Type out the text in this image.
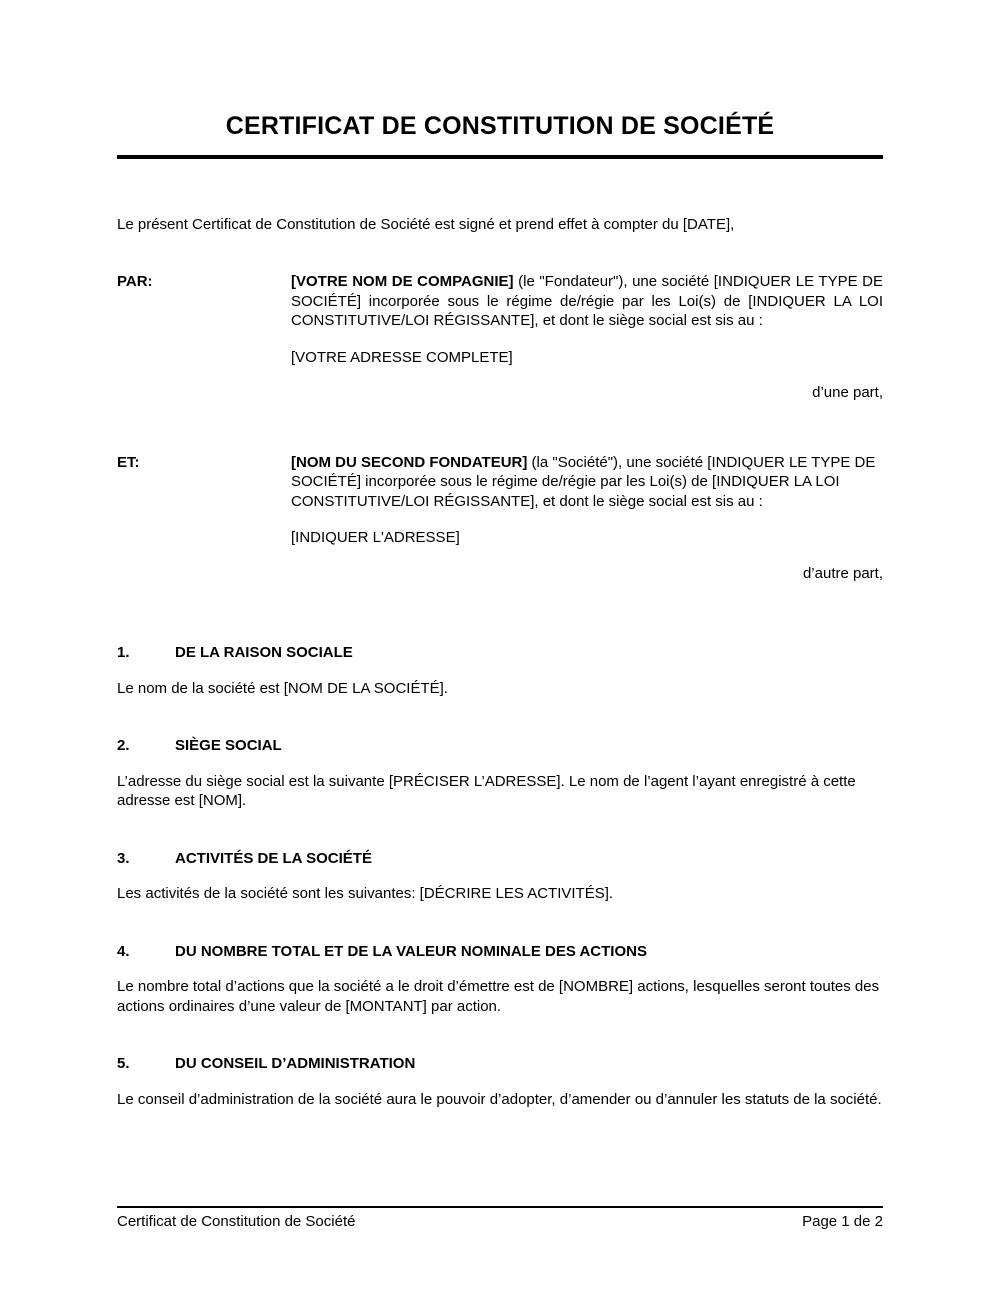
CERTIFICAT DE CONSTITUTION DE SOCIÉTÉ

Le présent Certificat de Constitution de Société est signé et prend effet à compter du [DATE],

PAR:	[VOTRE NOM DE COMPAGNIE] (le "Fondateur"), une société [INDIQUER LE TYPE DE SOCIÉTÉ] incorporée sous le régime de/régie par les Loi(s) de [INDIQUER LA LOI CONSTITUTIVE/LOI RÉGISSANTE], et dont le siège social est sis au :

[VOTRE ADRESSE COMPLETE]

d’une part,

ET:	[NOM DU SECOND FONDATEUR] (la "Société"), une société [INDIQUER LE TYPE DE SOCIÉTÉ] incorporée sous le régime de/régie par les Loi(s) de [INDIQUER LA LOI CONSTITUTIVE/LOI RÉGISSANTE], et dont le siège social est sis au :

[INDIQUER L'ADRESSE]

d’autre part,

1.	DE LA RAISON SOCIALE

Le nom de la société est [NOM DE LA SOCIÉTÉ].

2.	SIÈGE SOCIAL

L’adresse du siège social est la suivante [PRÉCISER L’ADRESSE]. Le nom de l’agent l’ayant enregistré à cette adresse est [NOM].

3.	ACTIVITÉS DE LA SOCIÉTÉ

Les activités de la société sont les suivantes: [DÉCRIRE LES ACTIVITÉS].

4.	DU NOMBRE TOTAL ET DE LA VALEUR NOMINALE DES ACTIONS

Le nombre total d’actions que la société a le droit d’émettre est de [NOMBRE] actions, lesquelles seront toutes des actions ordinaires d’une valeur de [MONTANT] par action.

5.	DU CONSEIL D’ADMINISTRATION

Le conseil d’administration de la société aura le pouvoir d’adopter, d’amender ou d’annuler les statuts de la société.

Certificat de Constitution de Société	Page 1 de 2
